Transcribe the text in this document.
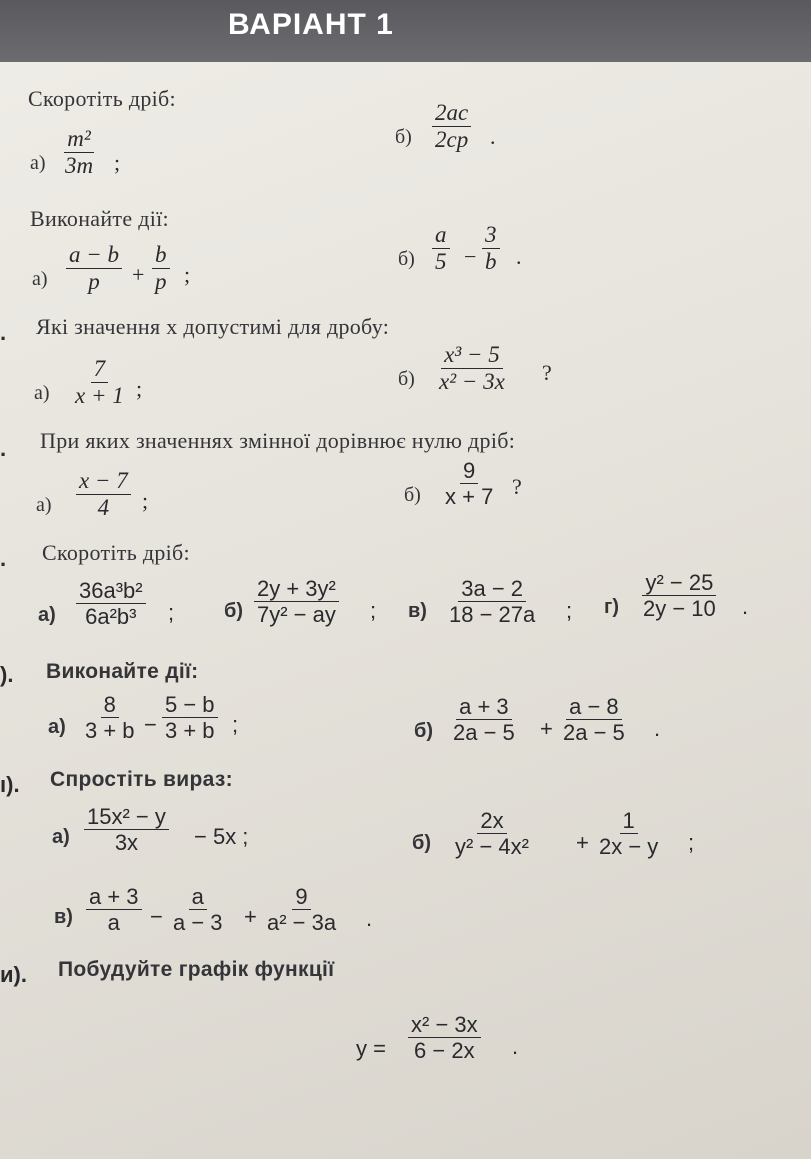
ВАРІАНТ 1
Скоротіть дріб:
$а) \frac{\text{m²}}{3m}$ ;
$б) \frac{2ac}{2cp}$ .
Виконайте дії:
$а) \frac{a - b}{p} + \frac{b}{p}$ ;
$б) \frac{a}{5} - \frac{3}{b}$ .
. Які значення x допустимі для дробу:
$а) \frac{7}{x + 1}$ ;	$б) \frac{\text{x³ − 5}}{\text{x² − 3x}}$ ?
. При яких значеннях змінної дорівнює нулю дріб:
$а) \frac{x - 7}{4}$ ;	$б) \frac{9}{x + 7}$ ?
. Скоротіть дріб:
$а) \frac{\text{36a³b²}}{\text{6a²b³}}$ ; $б) \frac{\text{2y + 3y²}}{\text{7y² − ay}}$ ; $в) \frac{3a - 2}{18 - 27a}$ ; $г) \frac{\text{y² − 25}}{2y - 10}$ .
). Виконайте дії:
$а) \frac{8}{3 + b} - \frac{5 - b}{3 + b}$ ;	$б) \frac{a + 3}{2a - 5} + \frac{a - 8}{2a - 5}$ .
ı). Спростіть вираз:
$а) \frac{\text{15x² − y}}{3x} - 5x$ ;	$б) \frac{2x}{\text{y² − 4x²}} + \frac{1}{2x - y}$ ;
$в) \frac{a + 3}{a} - \frac{a}{a - 3} + \frac{9}{\text{a² − 3a}}$ .
и). Побудуйте графік функції
$y = \frac{\text{x² − 3x}}{6 - 2x}$ .
